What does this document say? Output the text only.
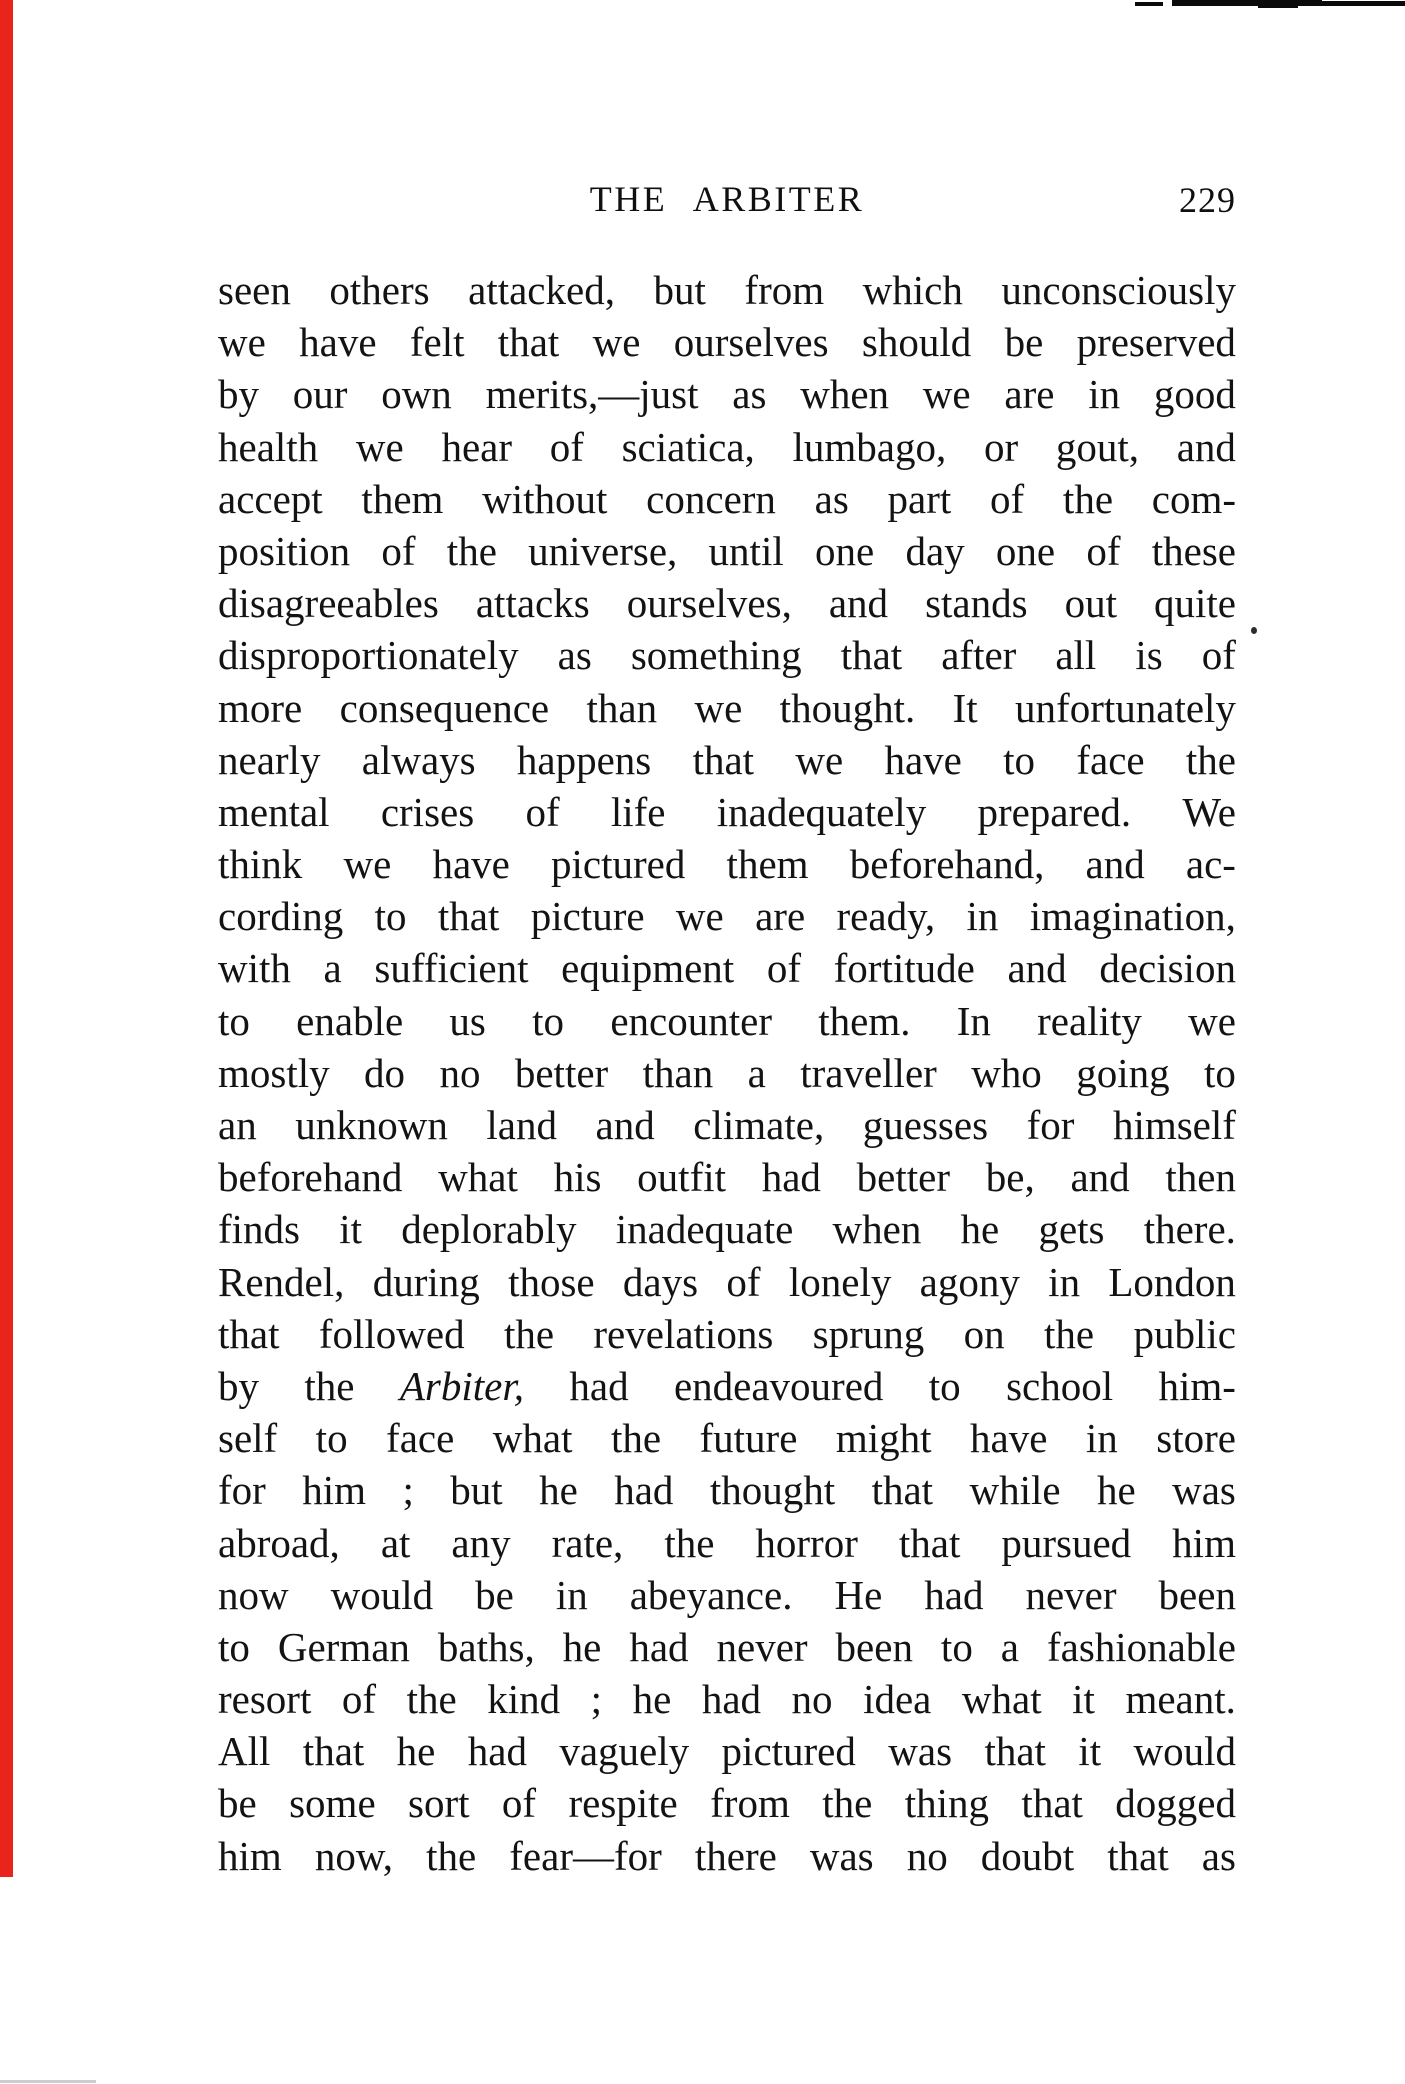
THE ARBITER	229
seen others attacked, but from which unconsciously
we have felt that we ourselves should be preserved
by our own merits,—just as when we are in good
health we hear of sciatica, lumbago, or gout, and
accept them without concern as part of the com-
position of the universe, until one day one of these
disagreeables attacks ourselves, and stands out quite
disproportionately as something that after all is of
more consequence than we thought. It unfortunately
nearly always happens that we have to face the
mental crises of life inadequately prepared. We
think we have pictured them beforehand, and ac-
cording to that picture we are ready, in imagination,
with a sufficient equipment of fortitude and decision
to enable us to encounter them. In reality we
mostly do no better than a traveller who going to
an unknown land and climate, guesses for himself
beforehand what his outfit had better be, and then
finds it deplorably inadequate when he gets there.
Rendel, during those days of lonely agony in London
that followed the revelations sprung on the public
by the Arbiter, had endeavoured to school him-
self to face what the future might have in store
for him ; but he had thought that while he was
abroad, at any rate, the horror that pursued him
now would be in abeyance. He had never been
to German baths, he had never been to a fashionable
resort of the kind ; he had no idea what it meant.
All that he had vaguely pictured was that it would
be some sort of respite from the thing that dogged
him now, the fear—for there was no doubt that as
